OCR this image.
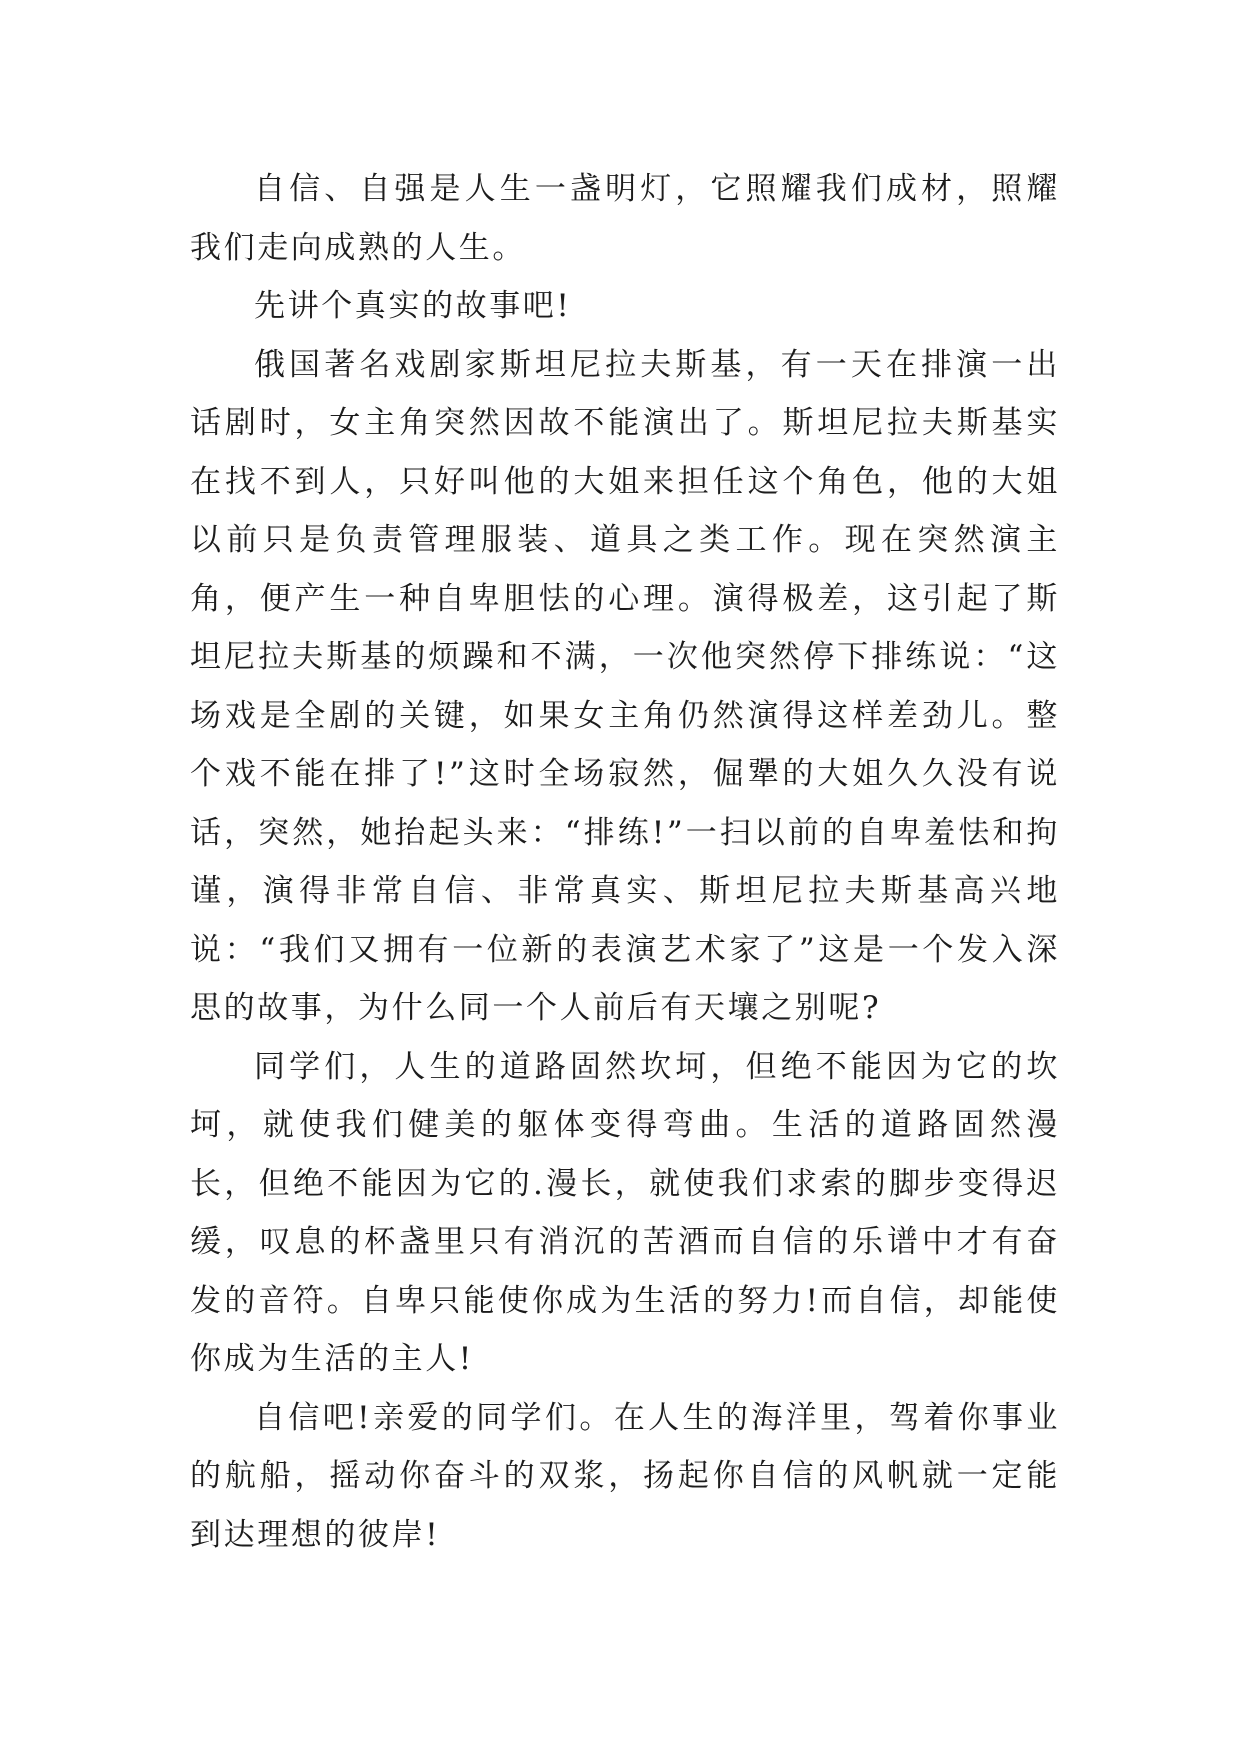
自信、自强是人生一盏明灯，它照耀我们成材，照耀我们走向成熟的人生。

先讲个真实的故事吧!

俄国著名戏剧家斯坦尼拉夫斯基，有一天在排演一出话剧时，女主角突然因故不能演出了。斯坦尼拉夫斯基实在找不到人，只好叫他的大姐来担任这个角色，他的大姐以前只是负责管理服装、道具之类工作。现在突然演主角，便产生一种自卑胆怯的心理。演得极差，这引起了斯坦尼拉夫斯基的烦躁和不满，一次他突然停下排练说：“这场戏是全剧的关键，如果女主角仍然演得这样差劲儿。整个戏不能在排了!”这时全场寂然，倔犟的大姐久久没有说话，突然，她抬起头来：“排练!”一扫以前的自卑羞怯和拘谨，演得非常自信、非常真实、斯坦尼拉夫斯基高兴地说：“我们又拥有一位新的表演艺术家了”这是一个发入深思的故事，为什么同一个人前后有天壤之别呢?

同学们，人生的道路固然坎坷，但绝不能因为它的坎坷，就使我们健美的躯体变得弯曲。生活的道路固然漫长，但绝不能因为它的.漫长，就使我们求索的脚步变得迟缓，叹息的杯盏里只有消沉的苦酒而自信的乐谱中才有奋发的音符。自卑只能使你成为生活的努力!而自信，却能使你成为生活的主人!

自信吧!亲爱的同学们。在人生的海洋里，驾着你事业的航船，摇动你奋斗的双浆，扬起你自信的风帆就一定能到达理想的彼岸!
